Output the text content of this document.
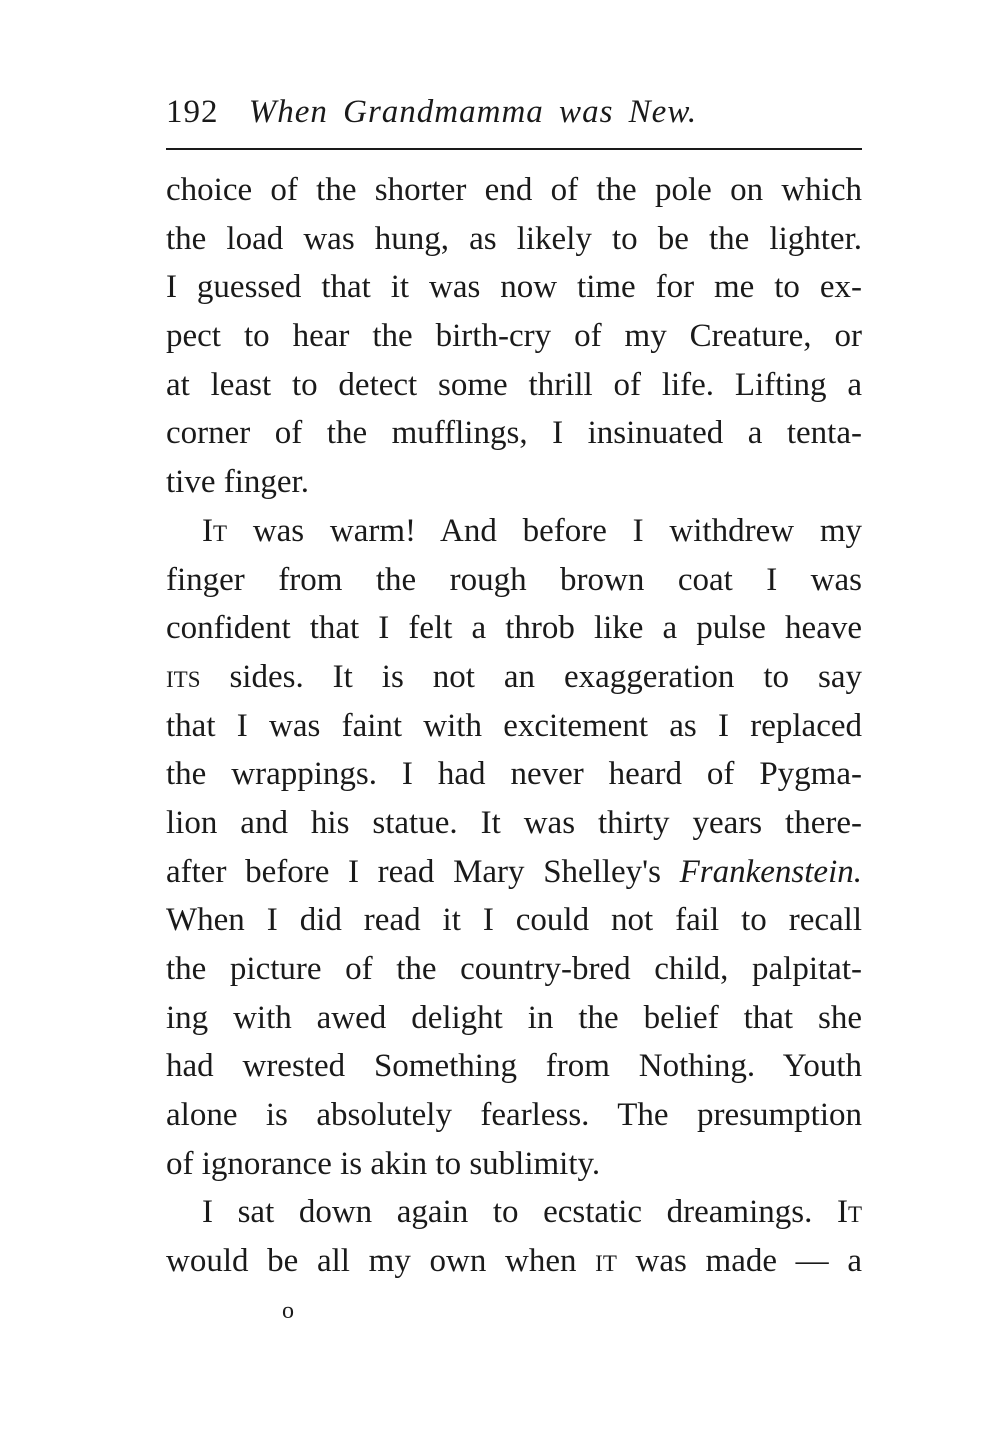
192 When Grandmamma was New.

choice of the shorter end of the pole on which
the load was hung, as likely to be the lighter.
I guessed that it was now time for me to ex-
pect to hear the birth-cry of my Creature, or
at least to detect some thrill of life. Lifting a
corner of the mufflings, I insinuated a tenta-
tive finger.

It was warm! And before I withdrew my
finger from the rough brown coat I was
confident that I felt a throb like a pulse heave
its sides. It is not an exaggeration to say
that I was faint with excitement as I replaced
the wrappings. I had never heard of Pygma-
lion and his statue. It was thirty years there-
after before I read Mary Shelley's Frankenstein.
When I did read it I could not fail to recall
the picture of the country-bred child, palpitat-
ing with awed delight in the belief that she
had wrested Something from Nothing. Youth
alone is absolutely fearless. The presumption
of ignorance is akin to sublimity.

I sat down again to ecstatic dreamings. It
would be all my own when it was made — a

o
